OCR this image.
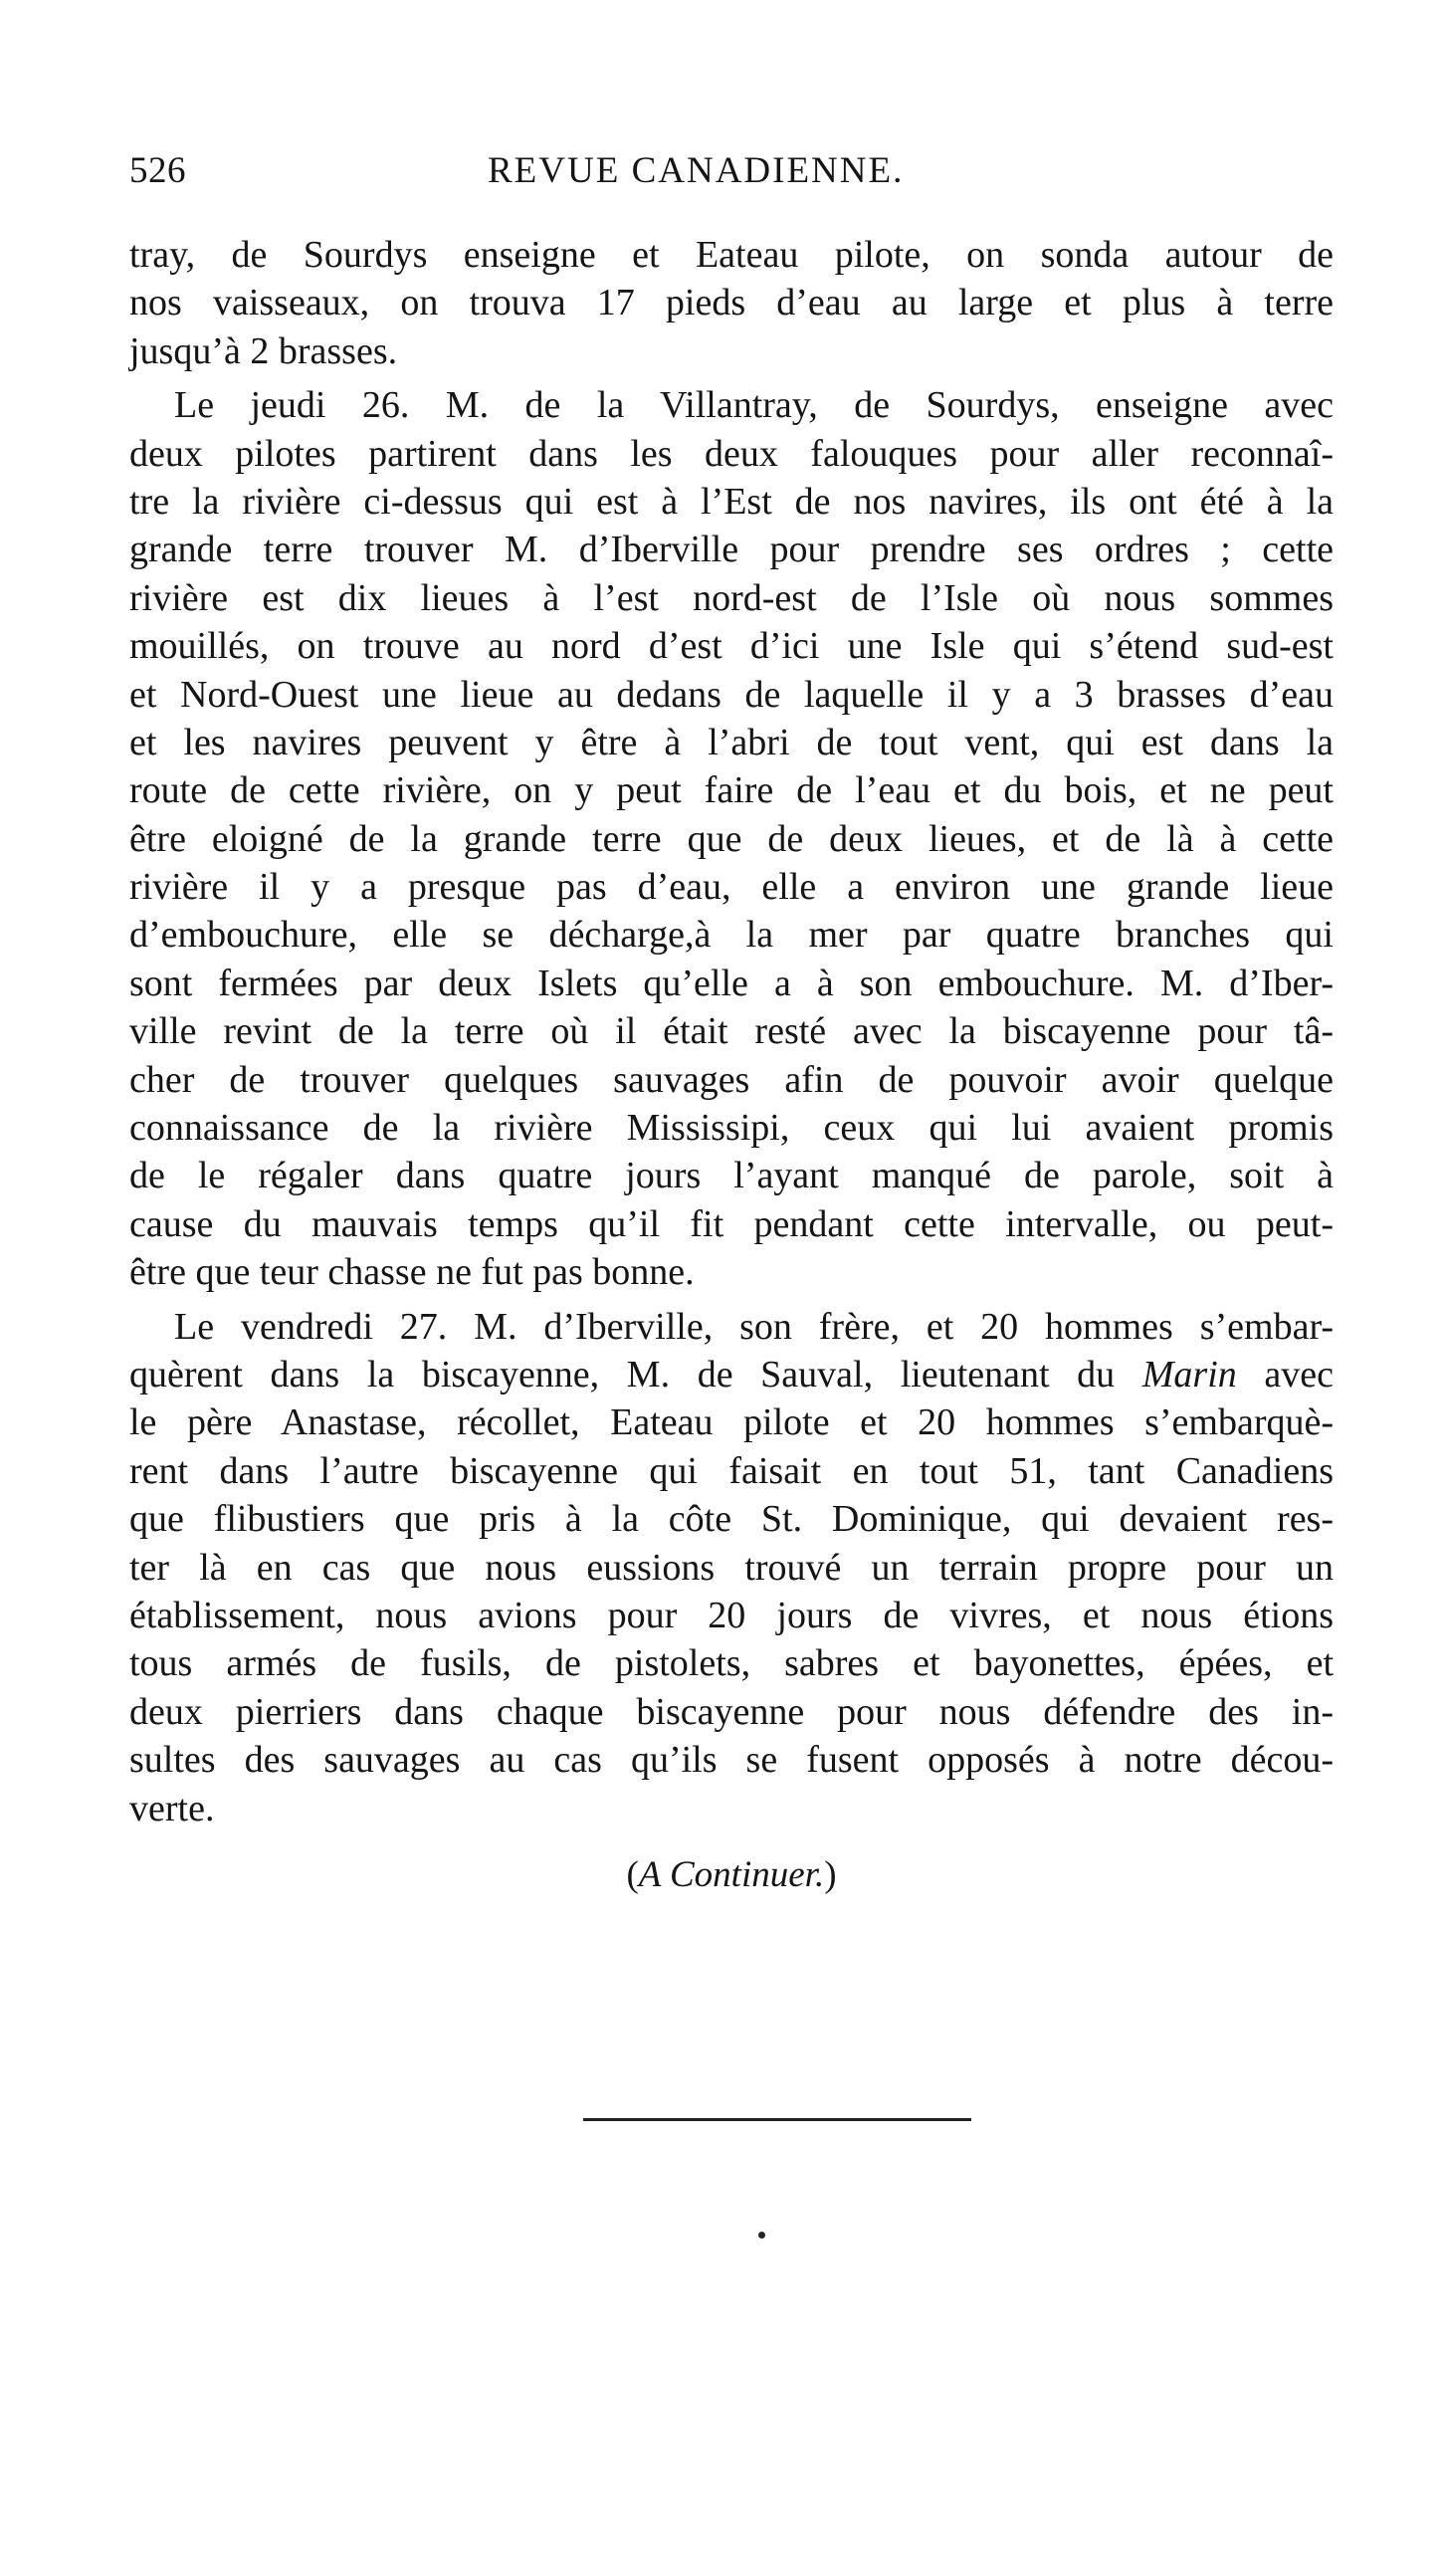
526	REVUE CANADIENNE.
tray, de Sourdys enseigne et Eateau pilote, on sonda autour de
nos vaisseaux, on trouva 17 pieds d’eau au large et plus à terre
jusqu’à 2 brasses.
Le jeudi 26. M. de la Villantray, de Sourdys, enseigne avec
deux pilotes partirent dans les deux falouques pour aller reconnaî-
tre la rivière ci-dessus qui est à l’Est de nos navires, ils ont été à la
grande terre trouver M. d’Iberville pour prendre ses ordres ; cette
rivière est dix lieues à l’est nord-est de l’Isle où nous sommes
mouillés, on trouve au nord d’est d’ici une Isle qui s’étend sud-est
et Nord-Ouest une lieue au dedans de laquelle il y a 3 brasses d’eau
et les navires peuvent y être à l’abri de tout vent, qui est dans la
route de cette rivière, on y peut faire de l’eau et du bois, et ne peut
être eloigné de la grande terre que de deux lieues, et de là à cette
rivière il y a presque pas d’eau, elle a environ une grande lieue
d’embouchure, elle se décharge,à la mer par quatre branches qui
sont fermées par deux Islets qu’elle a à son embouchure. M. d’Iber-
ville revint de la terre où il était resté avec la biscayenne pour tâ-
cher de trouver quelques sauvages afin de pouvoir avoir quelque
connaissance de la rivière Mississipi, ceux qui lui avaient promis
de le régaler dans quatre jours l’ayant manqué de parole, soit à
cause du mauvais temps qu’il fit pendant cette intervalle, ou peut-
être que teur chasse ne fut pas bonne.
Le vendredi 27. M. d’Iberville, son frère, et 20 hommes s’embar-
quèrent dans la biscayenne, M. de Sauval, lieutenant du Marin avec
le père Anastase, récollet, Eateau pilote et 20 hommes s’embarquè-
rent dans l’autre biscayenne qui faisait en tout 51, tant Canadiens
que flibustiers que pris à la côte St. Dominique, qui devaient res-
ter là en cas que nous eussions trouvé un terrain propre pour un
établissement, nous avions pour 20 jours de vivres, et nous étions
tous armés de fusils, de pistolets, sabres et bayonettes, épées, et
deux pierriers dans chaque biscayenne pour nous défendre des in-
sultes des sauvages au cas qu’ils se fusent opposés à notre décou-
verte.
(A Continuer.)
